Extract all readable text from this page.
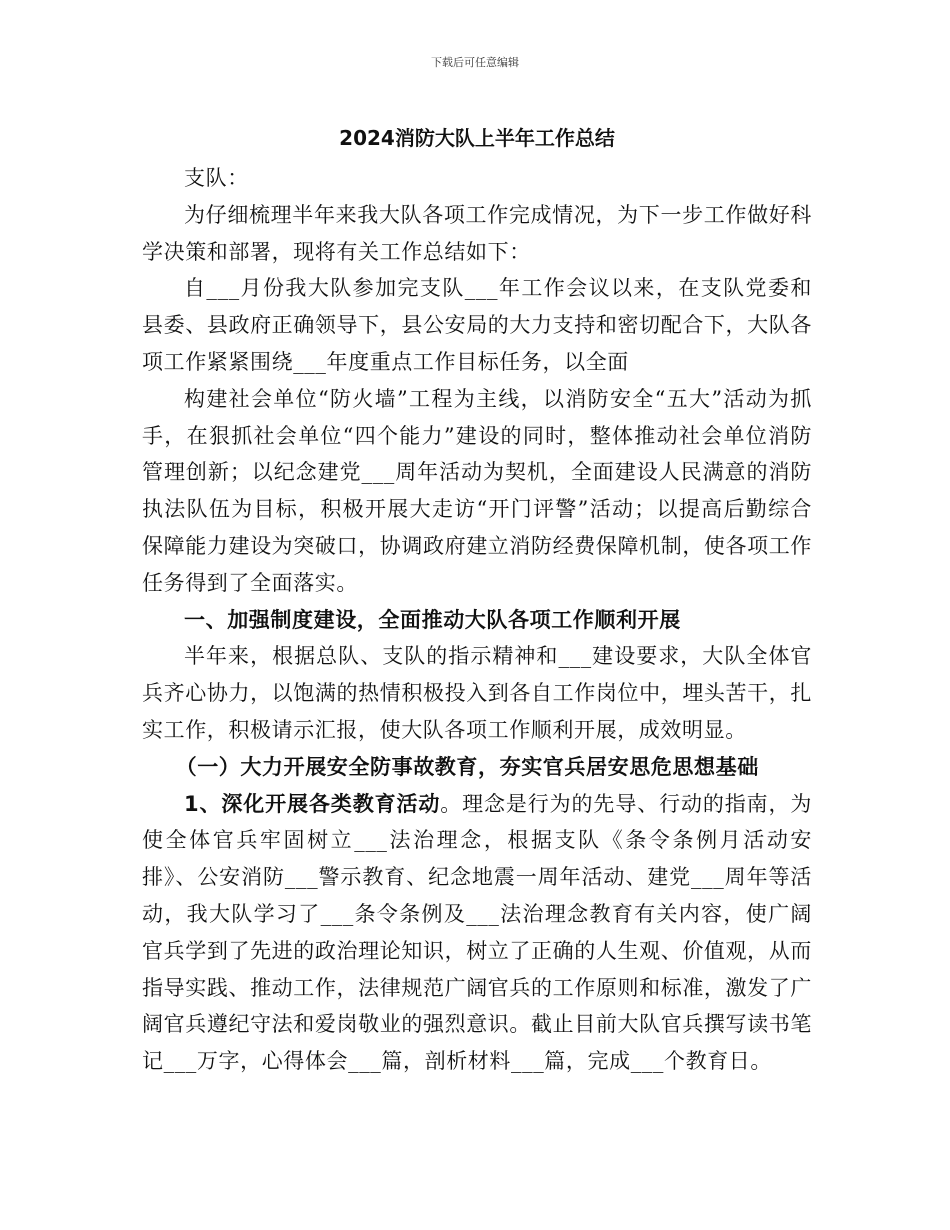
下载后可任意编辑
2024消防大队上半年工作总结

支队：

为仔细梳理半年来我大队各项工作完成情况，为下一步工作做好科学决策和部署，现将有关工作总结如下：

自___月份我大队参加完支队___年工作会议以来，在支队党委和县委、县政府正确领导下，县公安局的大力支持和密切配合下，大队各项工作紧紧围绕___年度重点工作目标任务，以全面

构建社会单位“防火墙”工程为主线，以消防安全“五大”活动为抓手，在狠抓社会单位“四个能力”建设的同时，整体推动社会单位消防管理创新；以纪念建党___周年活动为契机，全面建设人民满意的消防执法队伍为目标，积极开展大走访“开门评警”活动；以提高后勤综合保障能力建设为突破口，协调政府建立消防经费保障机制，使各项工作任务得到了全面落实。

一、加强制度建设，全面推动大队各项工作顺利开展

半年来，根据总队、支队的指示精神和___建设要求，大队全体官兵齐心协力，以饱满的热情积极投入到各自工作岗位中，埋头苦干，扎实工作，积极请示汇报，使大队各项工作顺利开展，成效明显。

（一）大力开展安全防事故教育，夯实官兵居安思危思想基础

1、深化开展各类教育活动。理念是行为的先导、行动的指南，为使全体官兵牢固树立___法治理念，根据支队《条令条例月活动安排》、公安消防___警示教育、纪念地震一周年活动、建党___周年等活动，我大队学习了___条令条例及___法治理念教育有关内容，使广阔官兵学到了先进的政治理论知识，树立了正确的人生观、价值观，从而指导实践、推动工作，法律规范广阔官兵的工作原则和标准，激发了广阔官兵遵纪守法和爱岗敬业的强烈意识。截止目前大队官兵撰写读书笔记___万字，心得体会___篇，剖析材料___篇，完成___个教育日。
